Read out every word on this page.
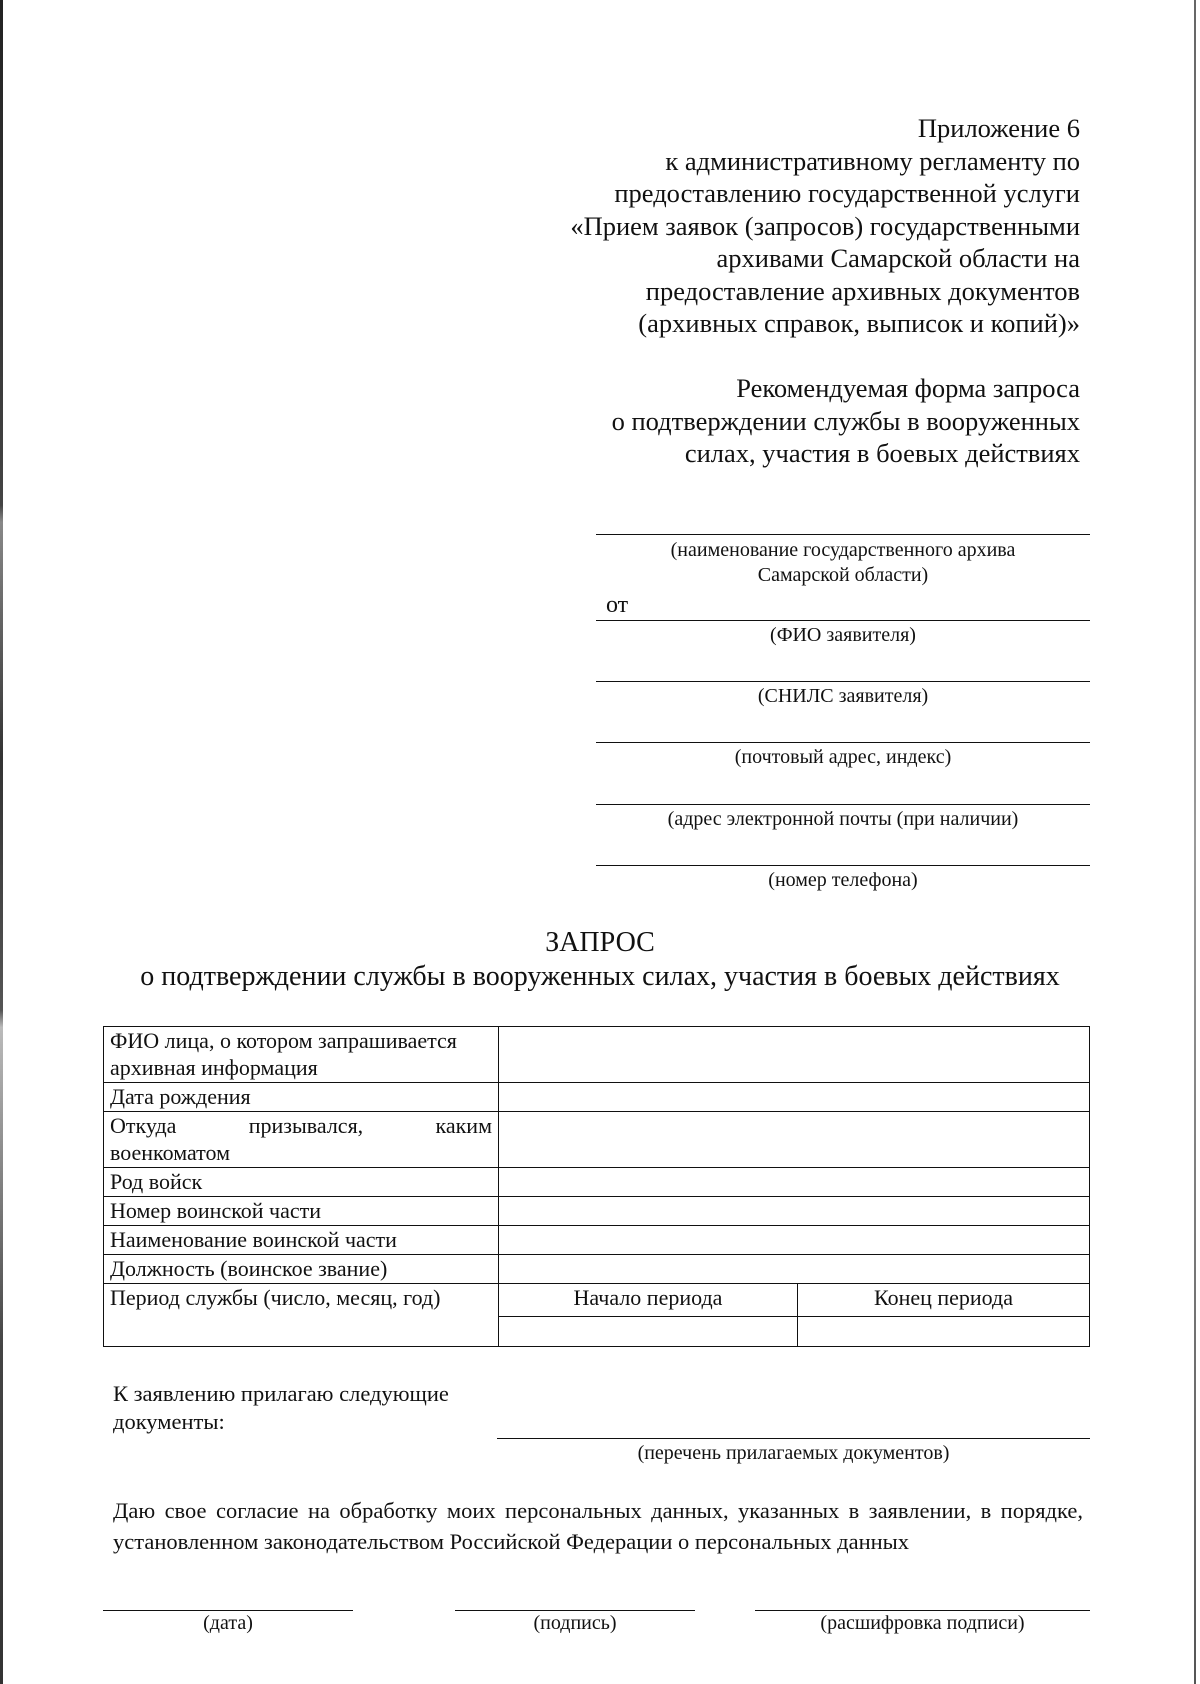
Приложение 6
к административному регламенту по
предоставлению государственной услуги
«Прием заявок (запросов) государственными
архивами Самарской области на
предоставление архивных документов
(архивных справок, выписок и копий)»
Рекомендуемая форма запроса
о подтверждении службы в вооруженных
силах, участия в боевых действиях
(наименование государственного архива
Самарской области)
от
(ФИО заявителя)
(СНИЛС заявителя)
(почтовый адрес, индекс)
(адрес электронной почты (при наличии)
(номер телефона)
ЗАПРОС
о подтверждении службы в вооруженных силах, участия в боевых действиях
ФИО лица, о котором запрашивается архивная информация		
Дата рождения		

Откуда призывался, каким
военкоматом		

Род войск		
Номер воинской части		
Наименование воинской части		
Должность (воинское звание)		
Период службы (число, месяц, год)	Начало периода	Конец периода

К заявлению прилагаю следующие
документы:
(перечень прилагаемых документов)
Даю свое согласие на обработку моих персональных данных, указанных в заявлении, в порядке, установленном законодательством Российской Федерации о персональных данных
(дата)	(подпись)	(расшифровка подписи)
